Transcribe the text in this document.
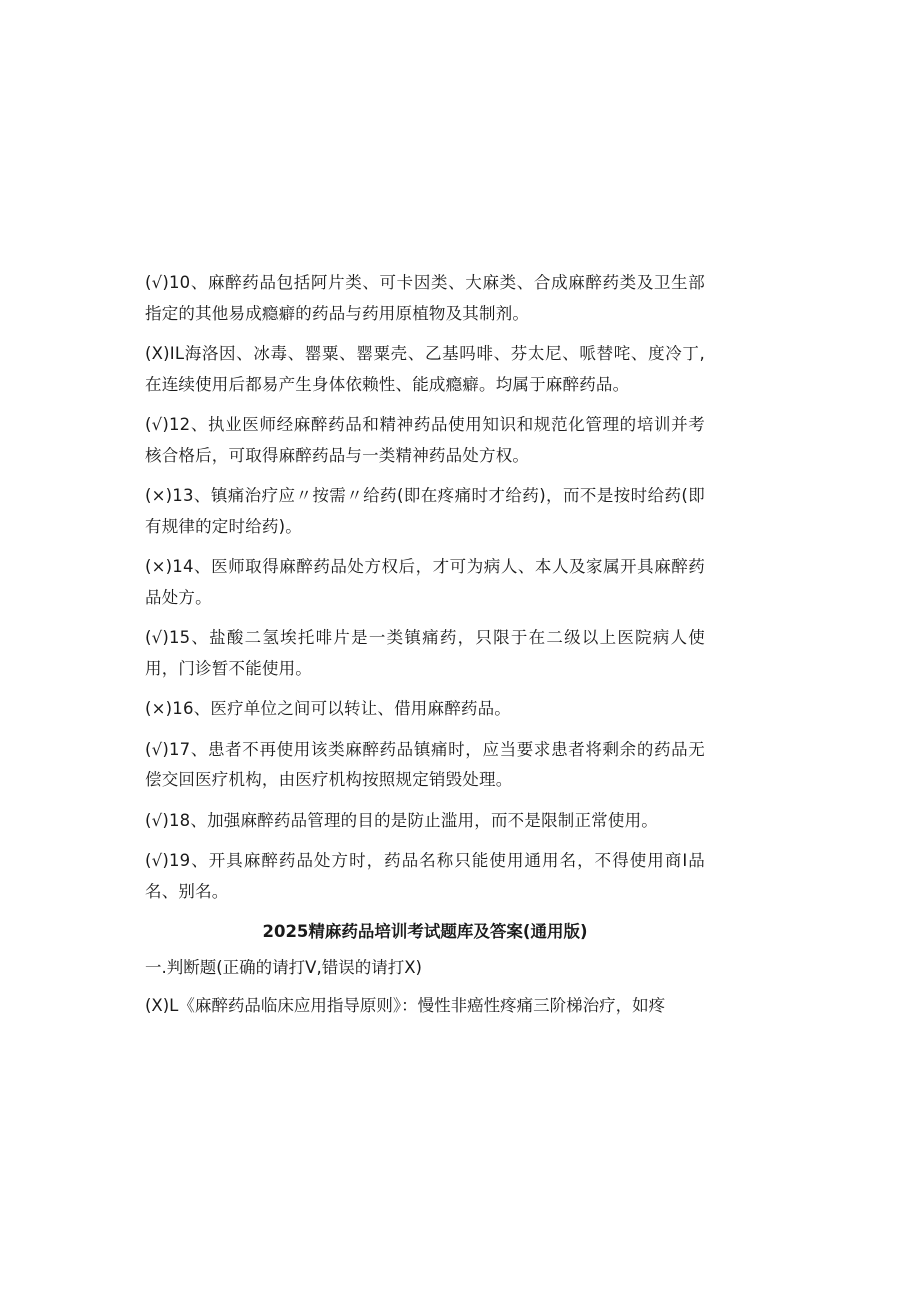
(√)10、麻醉药品包括阿片类、可卡因类、大麻类、合成麻醉药类及卫生部指定的其他易成瘾癖的药品与药用原植物及其制剂。

(X)IL海洛因、冰毒、罂粟、罂粟壳、乙基吗啡、芬太尼、哌替咤、度冷丁,在连续使用后都易产生身体依赖性、能成瘾癖。均属于麻醉药品。

(√)12、执业医师经麻醉药品和精神药品使用知识和规范化管理的培训并考核合格后，可取得麻醉药品与一类精神药品处方权。

(×)13、镇痛治疗应〃按需〃给药(即在疼痛时才给药)，而不是按时给药(即有规律的定时给药)。

(×)14、医师取得麻醉药品处方权后，才可为病人、本人及家属开具麻醉药品处方。

(√)15、盐酸二氢埃托啡片是一类镇痛药，只限于在二级以上医院病人使用，门诊暂不能使用。

(×)16、医疗单位之间可以转让、借用麻醉药品。

(√)17、患者不再使用该类麻醉药品镇痛时，应当要求患者将剩余的药品无偿交回医疗机构，由医疗机构按照规定销毁处理。

(√)18、加强麻醉药品管理的目的是防止滥用，而不是限制正常使用。

(√)19、开具麻醉药品处方时，药品名称只能使用通用名，不得使用商I品名、别名。

2025精麻药品培训考试题库及答案(通用版)

一.判断题(正确的请打V,错误的请打X)

(X)L《麻醉药品临床应用指导原则》：慢性非癌性疼痛三阶梯治疗，如疼
